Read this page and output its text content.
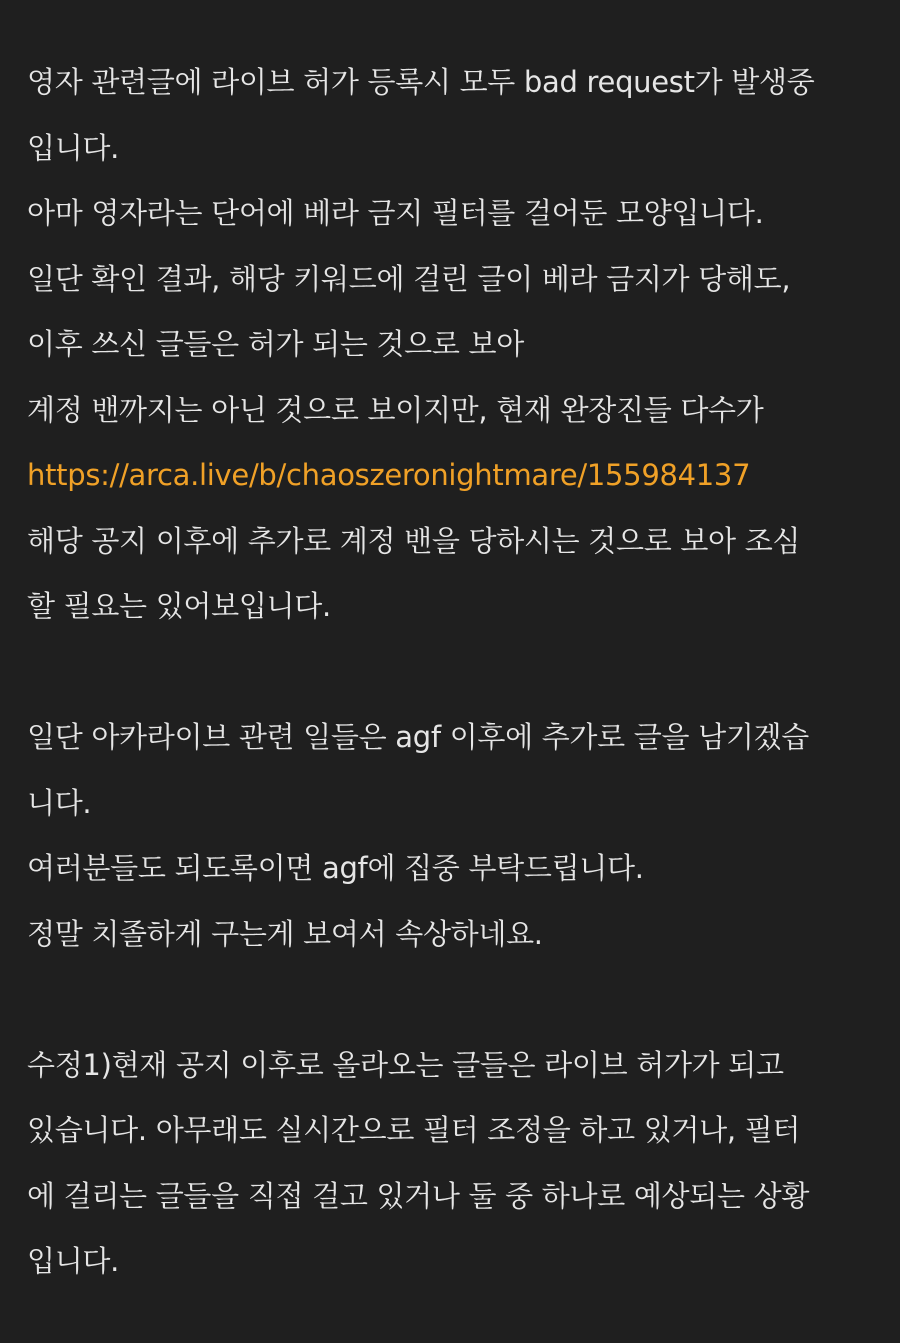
영자 관련글에 라이브 허가 등록시 모두 bad request가 발생중
입니다.
아마 영자라는 단어에 베라 금지 필터를 걸어둔 모양입니다.
일단 확인 결과, 해당 키워드에 걸린 글이 베라 금지가 당해도,
이후 쓰신 글들은 허가 되는 것으로 보아
계정 밴까지는 아닌 것으로 보이지만, 현재 완장진들 다수가
https://arca.live/b/chaoszeronightmare/155984137
해당 공지 이후에 추가로 계정 밴을 당하시는 것으로 보아 조심
할 필요는 있어보입니다.
일단 아카라이브 관련 일들은 agf 이후에 추가로 글을 남기겠습
니다.
여러분들도 되도록이면 agf에 집중 부탁드립니다.
정말 치졸하게 구는게 보여서 속상하네요.
수정1)현재 공지 이후로 올라오는 글들은 라이브 허가가 되고
있습니다. 아무래도 실시간으로 필터 조정을 하고 있거나, 필터
에 걸리는 글들을 직접 걸고 있거나 둘 중 하나로 예상되는 상황
입니다.
